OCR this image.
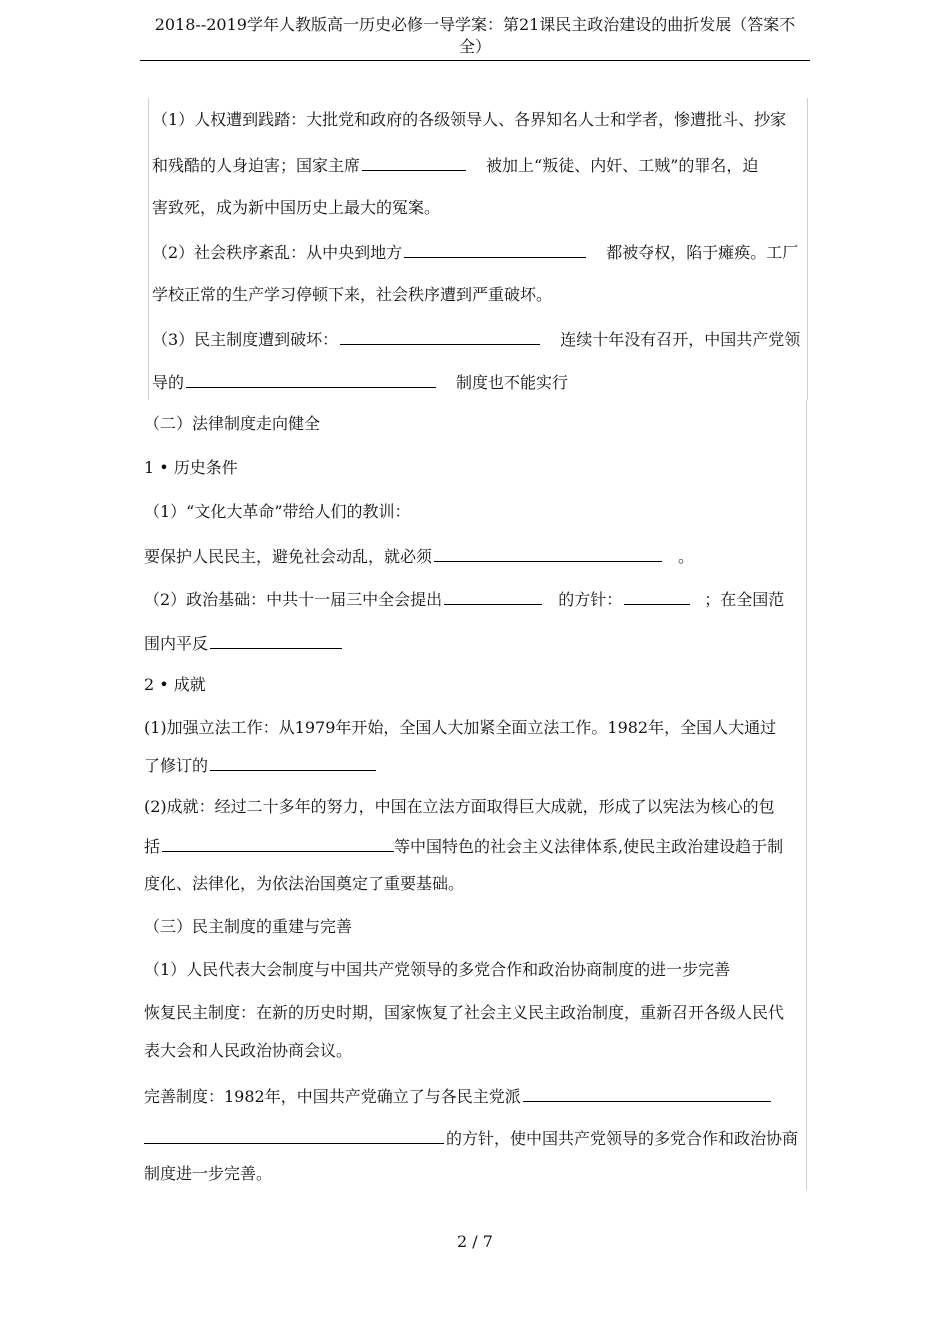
2018--2019学年人教版高一历史必修一导学案：第21课民主政治建设的曲折发展（答案不
全）
（1）人权遭到践踏：大批党和政府的各级领导人、各界知名人士和学者，惨遭批斗、抄家
和残酷的人身迫害；国家主席	被加上“叛徒、内奸、工贼”的罪名，迫
害致死，成为新中国历史上最大的冤案。
（2）社会秩序紊乱：从中央到地方	都被夺权，陷于瘫痪。工厂
学校正常的生产学习停顿下来，社会秩序遭到严重破坏。
（3）民主制度遭到破坏：	连续十年没有召开，中国共产党领
导的	制度也不能实行
（二）法律制度走向健全
1 • 历史条件
（1）“文化大革命”带给人们的教训：
要保护人民民主，避免社会动乱，就必须	。
（2）政治基础：中共十一届三中全会提出	的方针：	；在全国范
围内平反
2 • 成就
(1)加强立法工作：从1979年开始，全国人大加紧全面立法工作。1982年，全国人大通过
了修订的
(2)成就：经过二十多年的努力，中国在立法方面取得巨大成就，形成了以宪法为核心的包
括	等中国特色的社会主义法律体系,使民主政治建设趋于制
度化、法律化，为依法治国奠定了重要基础。
（三）民主制度的重建与完善
（1）人民代表大会制度与中国共产党领导的多党合作和政治协商制度的进一步完善
恢复民主制度：在新的历史时期，国家恢复了社会主义民主政治制度，重新召开各级人民代
表大会和人民政治协商会议。
完善制度：1982年，中国共产党确立了与各民主党派
的方针，使中国共产党领导的多党合作和政治协商
制度进一步完善。
2 / 7
